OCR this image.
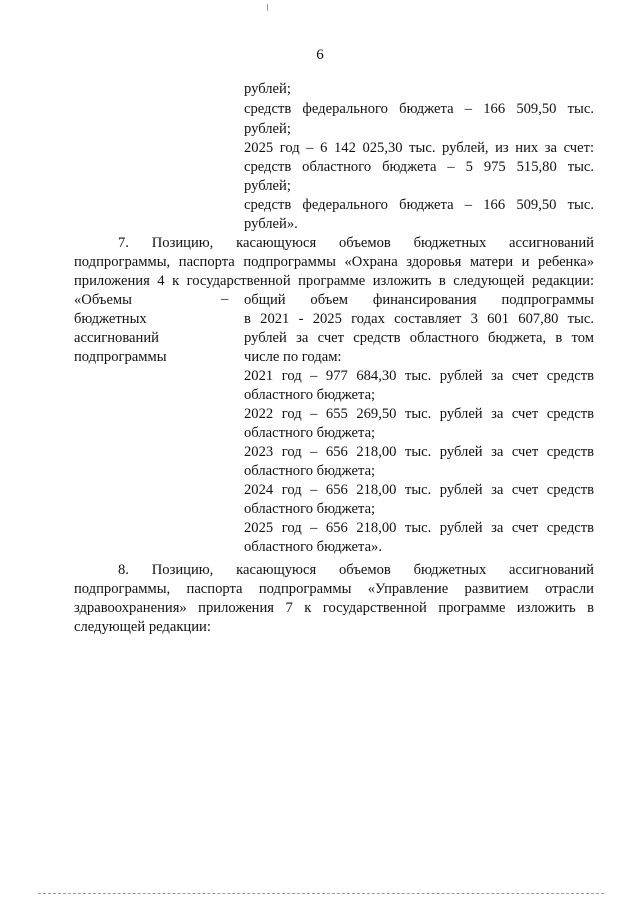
6
рублей;
средств федерального бюджета – 166 509,50 тыс.
рублей;
2025 год – 6 142 025,30 тыс. рублей, из них за счет:
средств областного бюджета – 5 975 515,80 тыс.
рублей;
средств федерального бюджета – 166 509,50 тыс.
рублей».
7. Позицию, касающуюся объемов бюджетных ассигнований
подпрограммы, паспорта подпрограммы «Охрана здоровья матери и ребенка»
приложения 4 к государственной программе изложить в следующей редакции:
«Объемы
бюджетных
ассигнований
подпрограммы
– общий объем финансирования подпрограммы
в 2021 - 2025 годах составляет 3 601 607,80 тыс.
рублей за счет средств областного бюджета, в том
числе по годам:
2021 год – 977 684,30 тыс. рублей за счет средств
областного бюджета;
2022 год – 655 269,50 тыс. рублей за счет средств
областного бюджета;
2023 год – 656 218,00 тыс. рублей за счет средств
областного бюджета;
2024 год – 656 218,00 тыс. рублей за счет средств
областного бюджета;
2025 год – 656 218,00 тыс. рублей за счет средств
областного бюджета».
8. Позицию, касающуюся объемов бюджетных ассигнований
подпрограммы, паспорта подпрограммы «Управление развитием отрасли
здравоохранения» приложения 7 к государственной программе изложить в
следующей редакции:
